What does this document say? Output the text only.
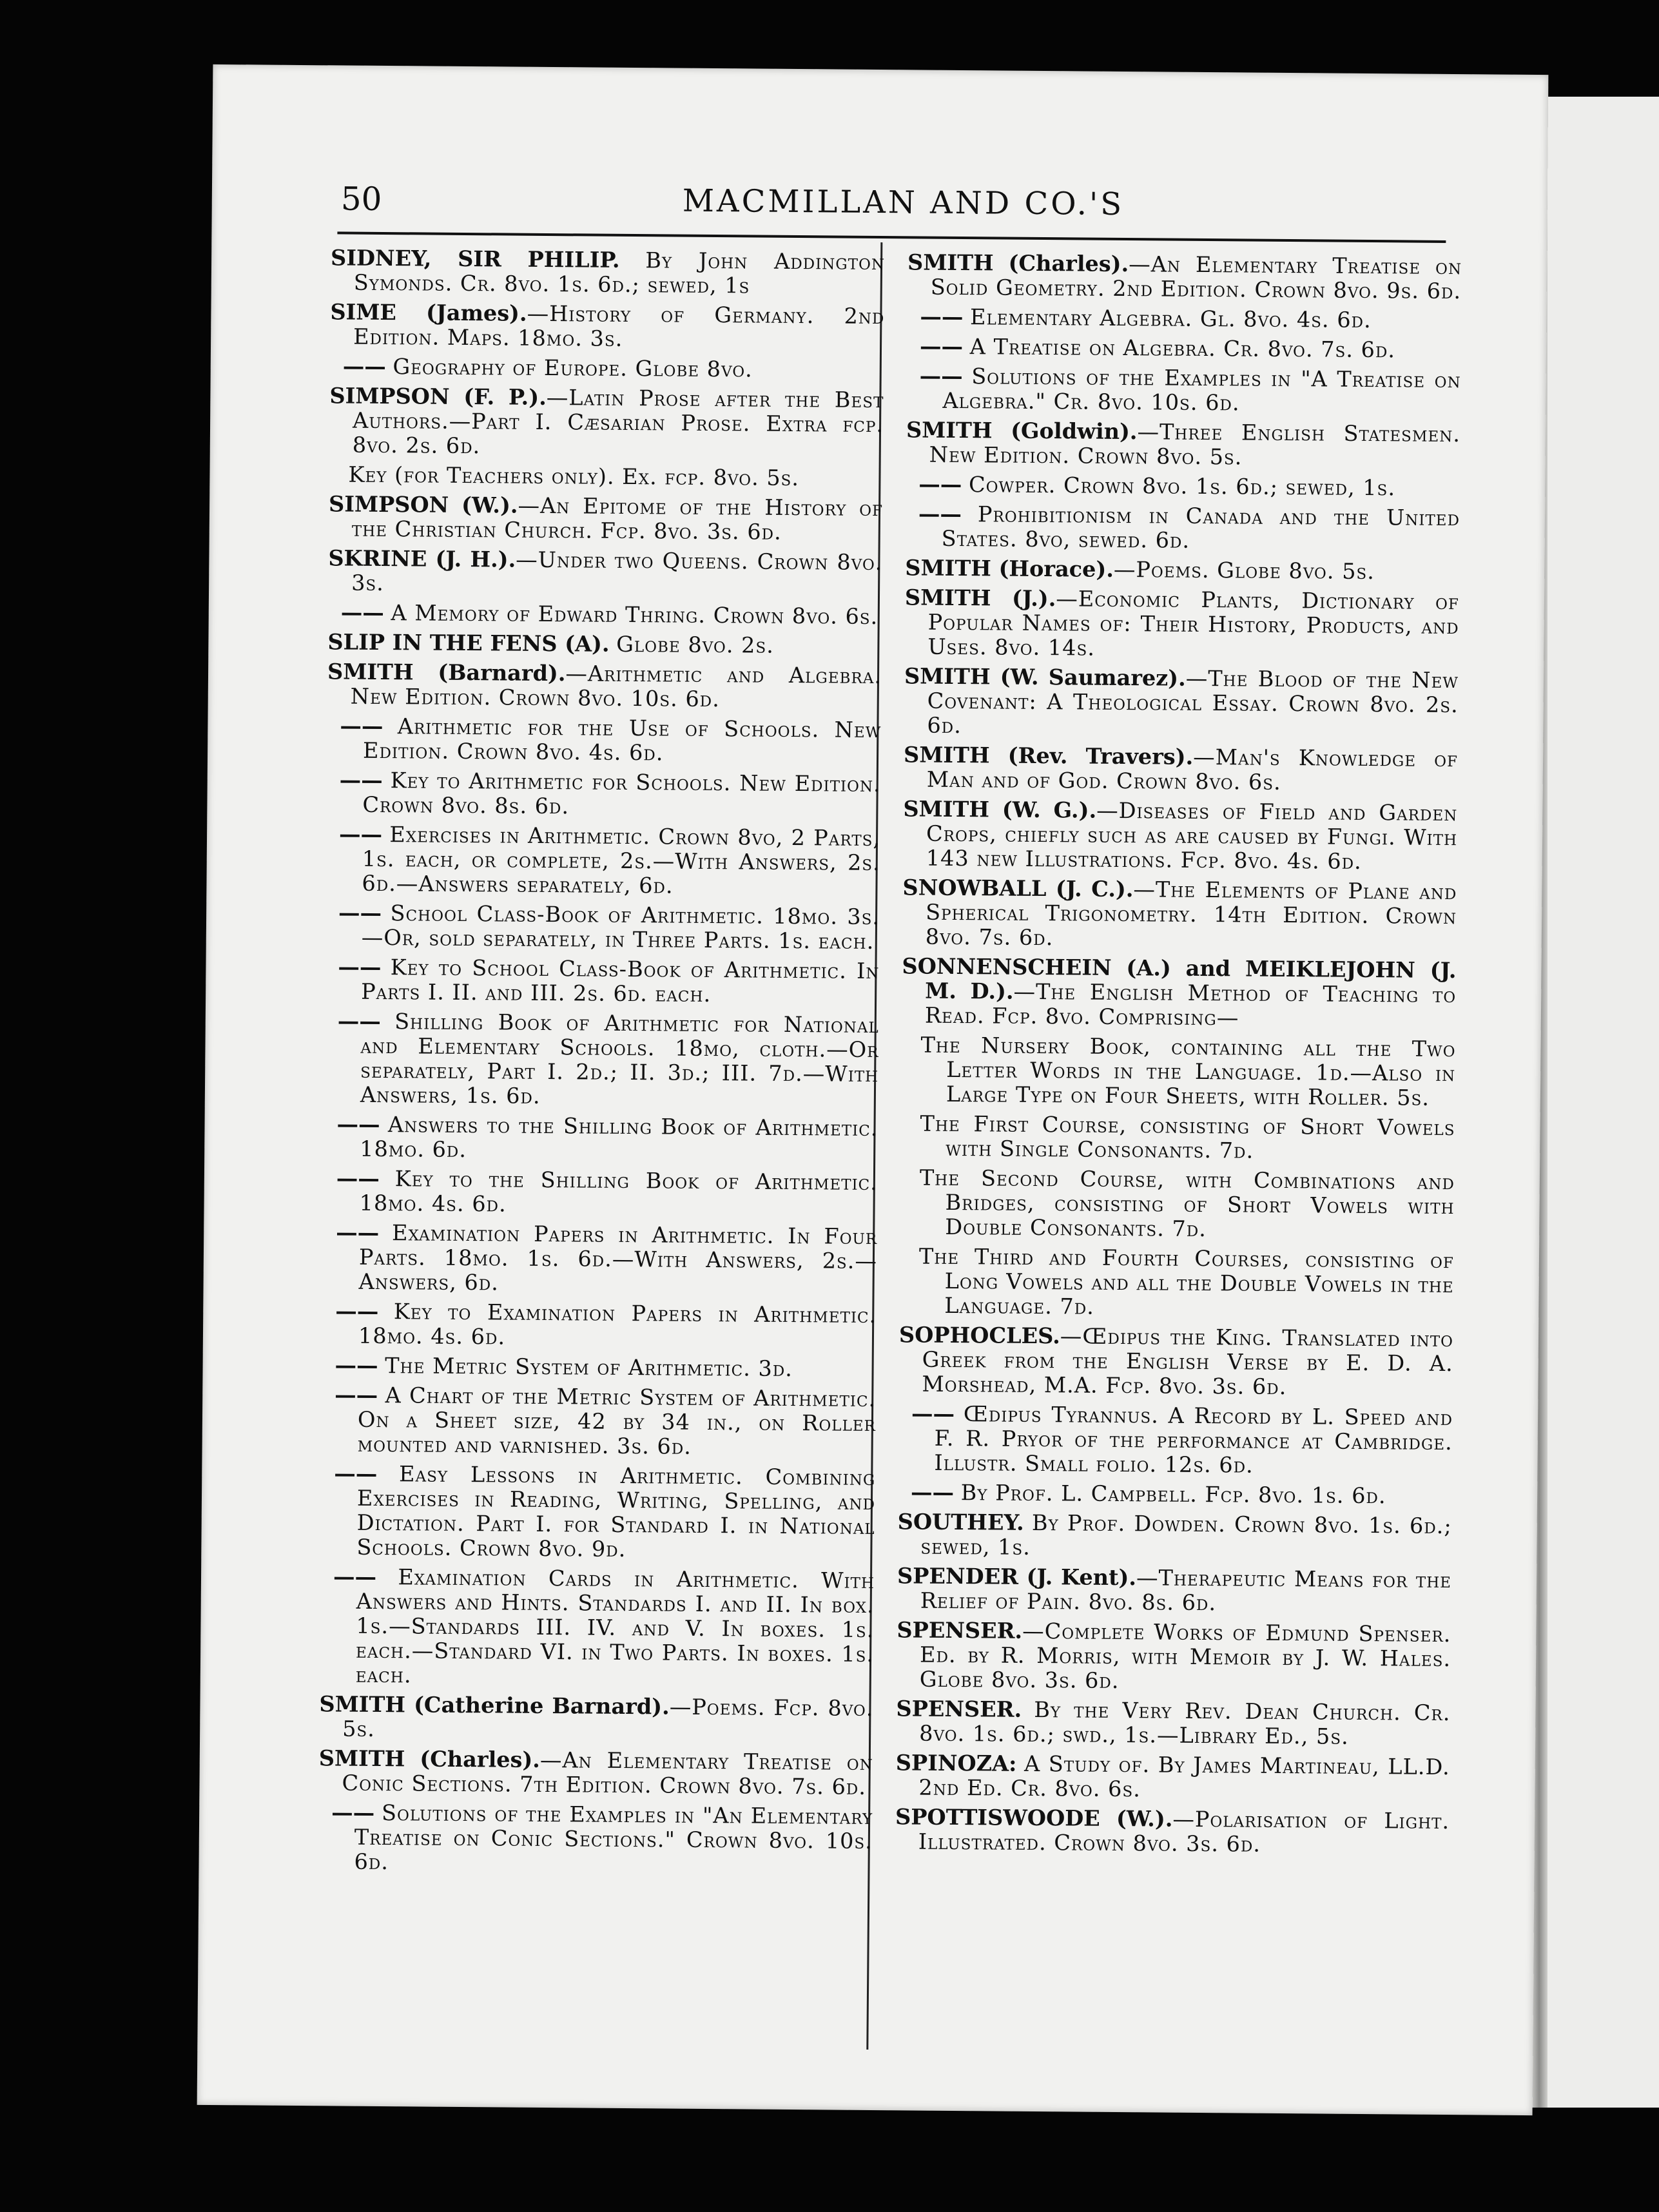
50	MACMILLAN AND CO.'S

SIDNEY, SIR PHILIP. By John Addington Symonds. Cr. 8vo. 1s. 6d.; sewed, 1s

SIME (James).—History of Germany. 2nd Edition. Maps. 18mo. 3s.

—— Geography of Europe. Globe 8vo.

SIMPSON (F. P.).—Latin Prose after the Best Authors.—Part I. Cæsarian Prose. Extra fcp. 8vo. 2s. 6d.

Key (for Teachers only). Ex. fcp. 8vo. 5s.

SIMPSON (W.).—An Epitome of the History of the Christian Church. Fcp. 8vo. 3s. 6d.

SKRINE (J. H.).—Under two Queens. Crown 8vo. 3s.

—— A Memory of Edward Thring. Crown 8vo. 6s.

SLIP IN THE FENS (A). Globe 8vo. 2s.

SMITH (Barnard).—Arithmetic and Algebra. New Edition. Crown 8vo. 10s. 6d.

—— Arithmetic for the Use of Schools. New Edition. Crown 8vo. 4s. 6d.

—— Key to Arithmetic for Schools. New Edition. Crown 8vo. 8s. 6d.

—— Exercises in Arithmetic. Crown 8vo, 2 Parts, 1s. each, or complete, 2s.—With Answers, 2s. 6d.—Answers separately, 6d.

—— School Class-Book of Arithmetic. 18mo. 3s.—Or, sold separately, in Three Parts. 1s. each.

—— Key to School Class-Book of Arithmetic. In Parts I. II. and III. 2s. 6d. each.

—— Shilling Book of Arithmetic for National and Elementary Schools. 18mo, cloth.—Or separately, Part I. 2d.; II. 3d.; III. 7d.—With Answers, 1s. 6d.

—— Answers to the Shilling Book of Arithmetic. 18mo. 6d.

—— Key to the Shilling Book of Arithmetic. 18mo. 4s. 6d.

—— Examination Papers in Arithmetic. In Four Parts. 18mo. 1s. 6d.—With Answers, 2s.—Answers, 6d.

—— Key to Examination Papers in Arithmetic. 18mo. 4s. 6d.

—— The Metric System of Arithmetic. 3d.

—— A Chart of the Metric System of Arithmetic. On a Sheet size, 42 by 34 in., on Roller mounted and varnished. 3s. 6d.

—— Easy Lessons in Arithmetic. Combining Exercises in Reading, Writing, Spelling, and Dictation. Part I. for Standard I. in National Schools. Crown 8vo. 9d.

—— Examination Cards in Arithmetic. With Answers and Hints. Standards I. and II. In box. 1s.—Standards III. IV. and V. In boxes. 1s. each.—Standard VI. in Two Parts. In boxes. 1s. each.

SMITH (Catherine Barnard).—Poems. Fcp. 8vo. 5s.

SMITH (Charles).—An Elementary Treatise on Conic Sections. 7th Edition. Crown 8vo. 7s. 6d.

—— Solutions of the Examples in "An Elementary Treatise on Conic Sections." Crown 8vo. 10s. 6d.

SMITH (Charles).—An Elementary Treatise on Solid Geometry. 2nd Edition. Crown 8vo. 9s. 6d.

—— Elementary Algebra. Gl. 8vo. 4s. 6d.

—— A Treatise on Algebra. Cr. 8vo. 7s. 6d.

—— Solutions of the Examples in "A Treatise on Algebra." Cr. 8vo. 10s. 6d.

SMITH (Goldwin).—Three English Statesmen. New Edition. Crown 8vo. 5s.

—— Cowper. Crown 8vo. 1s. 6d.; sewed, 1s.

—— Prohibitionism in Canada and the United States. 8vo, sewed. 6d.

SMITH (Horace).—Poems. Globe 8vo. 5s.

SMITH (J.).—Economic Plants, Dictionary of Popular Names of: Their History, Products, and Uses. 8vo. 14s.

SMITH (W. Saumarez).—The Blood of the New Covenant: A Theological Essay. Crown 8vo. 2s. 6d.

SMITH (Rev. Travers).—Man's Knowledge of Man and of God. Crown 8vo. 6s.

SMITH (W. G.).—Diseases of Field and Garden Crops, chiefly such as are caused by Fungi. With 143 new Illustrations. Fcp. 8vo. 4s. 6d.

SNOWBALL (J. C.).—The Elements of Plane and Spherical Trigonometry. 14th Edition. Crown 8vo. 7s. 6d.

SONNENSCHEIN (A.) and MEIKLEJOHN (J. M. D.).—The English Method of Teaching to Read. Fcp. 8vo. Comprising—

The Nursery Book, containing all the Two Letter Words in the Language. 1d.—Also in Large Type on Four Sheets, with Roller. 5s.

The First Course, consisting of Short Vowels with Single Consonants. 7d.

The Second Course, with Combinations and Bridges, consisting of Short Vowels with Double Consonants. 7d.

The Third and Fourth Courses, consisting of Long Vowels and all the Double Vowels in the Language. 7d.

SOPHOCLES.—Œdipus the King. Translated into Greek from the English Verse by E. D. A. Morshead, M.A. Fcp. 8vo. 3s. 6d.

—— Œdipus Tyrannus. A Record by L. Speed and F. R. Pryor of the performance at Cambridge. Illustr. Small folio. 12s. 6d.

—— By Prof. L. Campbell. Fcp. 8vo. 1s. 6d.

SOUTHEY. By Prof. Dowden. Crown 8vo. 1s. 6d.; sewed, 1s.

SPENDER (J. Kent).—Therapeutic Means for the Relief of Pain. 8vo. 8s. 6d.

SPENSER.—Complete Works of Edmund Spenser. Ed. by R. Morris, with Memoir by J. W. Hales. Globe 8vo. 3s. 6d.

SPENSER. By the Very Rev. Dean Church. Cr. 8vo. 1s. 6d.; swd., 1s.—Library Ed., 5s.

SPINOZA: A Study of. By James Martineau, LL.D. 2nd Ed. Cr. 8vo. 6s.

SPOTTISWOODE (W.).—Polarisation of Light. Illustrated. Crown 8vo. 3s. 6d.
